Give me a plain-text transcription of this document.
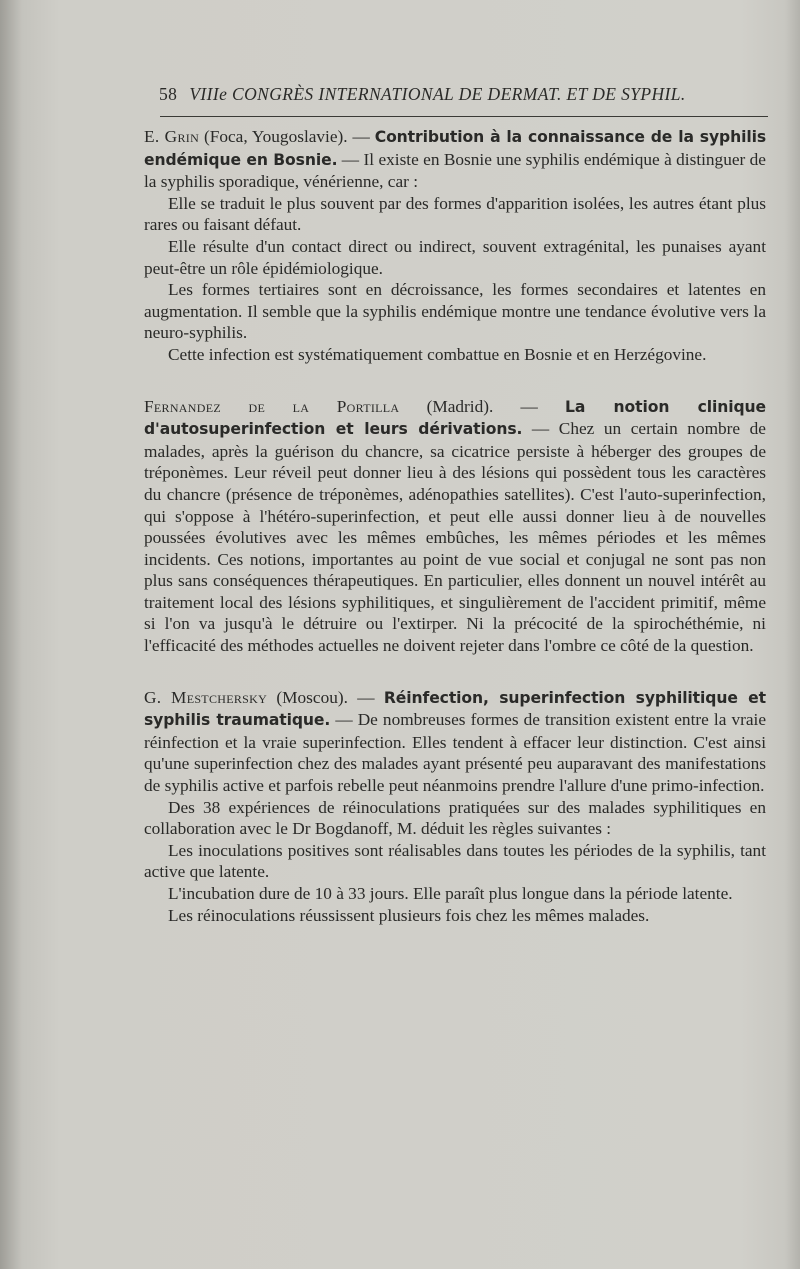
58 VIIIe CONGRÈS INTERNATIONAL DE DERMAT. ET DE SYPHIL.

E. Grin (Foca, Yougoslavie). — Contribution à la connaissance de la syphilis endémique en Bosnie. — Il existe en Bosnie une syphilis endémique à distinguer de la syphilis sporadique, vénérienne, car :

Elle se traduit le plus souvent par des formes d'apparition isolées, les autres étant plus rares ou faisant défaut.

Elle résulte d'un contact direct ou indirect, souvent extragénital, les punaises ayant peut-être un rôle épidémiologique.

Les formes tertiaires sont en décroissance, les formes secondaires et latentes en augmentation. Il semble que la syphilis endémique montre une tendance évolutive vers la neuro-syphilis.

Cette infection est systématiquement combattue en Bosnie et en Herzégovine.

Fernandez de la Portilla (Madrid). — La notion clinique d'autosuperinfection et leurs dérivations. — Chez un certain nombre de malades, après la guérison du chancre, sa cicatrice persiste à héberger des groupes de tréponèmes. Leur réveil peut donner lieu à des lésions qui possèdent tous les caractères du chancre (présence de tréponèmes, adénopathies satellites). C'est l'auto-superinfection, qui s'oppose à l'hétéro-superinfection, et peut elle aussi donner lieu à de nouvelles poussées évolutives avec les mêmes embûches, les mêmes périodes et les mêmes incidents. Ces notions, importantes au point de vue social et conjugal ne sont pas non plus sans conséquences thérapeutiques. En particulier, elles donnent un nouvel intérêt au traitement local des lésions syphilitiques, et singulièrement de l'accident primitif, même si l'on va jusqu'à le détruire ou l'extirper. Ni la précocité de la spirochéthémie, ni l'efficacité des méthodes actuelles ne doivent rejeter dans l'ombre ce côté de la question.

G. Mestchersky (Moscou). — Réinfection, superinfection syphilitique et syphilis traumatique. — De nombreuses formes de transition existent entre la vraie réinfection et la vraie superinfection. Elles tendent à effacer leur distinction. C'est ainsi qu'une superinfection chez des malades ayant présenté peu auparavant des manifestations de syphilis active et parfois rebelle peut néanmoins prendre l'allure d'une primo-infection.

Des 38 expériences de réinoculations pratiquées sur des malades syphilitiques en collaboration avec le Dr Bogdanoff, M. déduit les règles suivantes :

Les inoculations positives sont réalisables dans toutes les périodes de la syphilis, tant active que latente.

L'incubation dure de 10 à 33 jours. Elle paraît plus longue dans la période latente.

Les réinoculations réussissent plusieurs fois chez les mêmes malades.
